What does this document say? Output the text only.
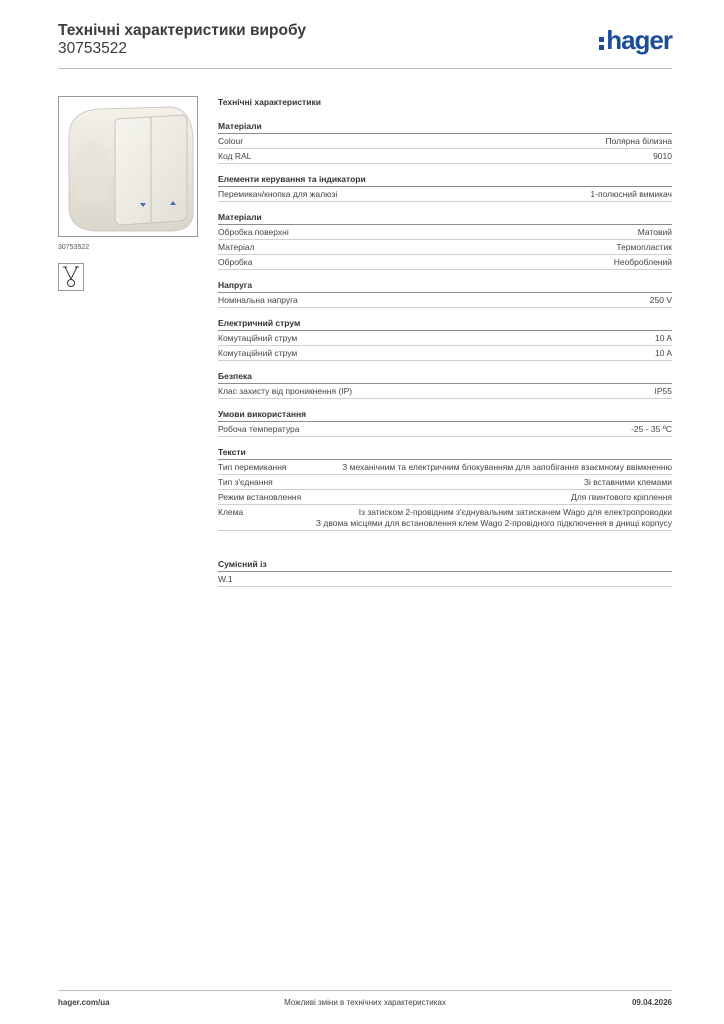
Технічні характеристики виробу
30753522	hager
30753522
Технічні характеристики
Матеріали
Colour	Полярна білизна
Код RAL	9010
Елементи керування та індикатори
Перемикач/кнопка для жалюзі	1-полюсний вимикач
Матеріали
Обробка поверхні	Матовий
Матеріал	Термопластик
Обробка	Необроблений
Напруга
Номінальна напруга	250 V
Електричний струм
Комутаційний струм	10 A
Комутаційний струм	10 A
Безпека
Клас захисту від проникнення (IP)	IP55
Умови використання
Робоча температура	-25 - 35 ºC
Тексти
Тип перемикання	З механічним та електричним блокуванням для запобігання взаємному ввімкненню
Тип з'єднання	Зі вставними клемами
Режим встановлення	Для гвинтового кріплення
Клема	Із затиском 2-провідним з'єднувальним затискачем Wago для електропроводки
З двома місцями для встановлення клем Wago 2-провідного підключення в днищі корпусу
Сумісний із
W.1
hager.com/ua	Можливі зміни в технічних характеристиках	09.04.2026
